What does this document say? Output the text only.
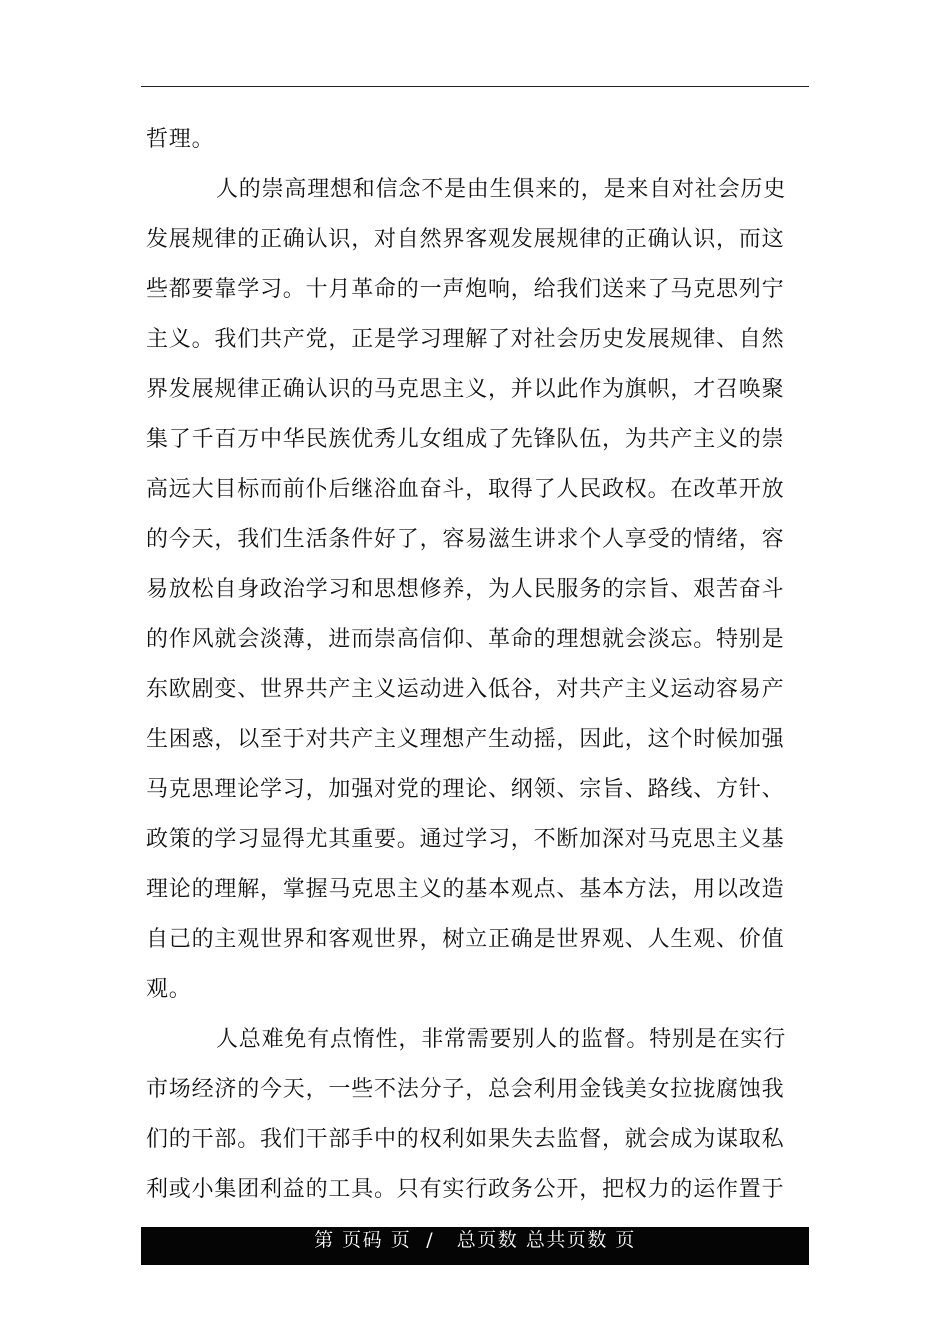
哲理。
人的崇高理想和信念不是由生俱来的，是来自对社会历史
发展规律的正确认识，对自然界客观发展规律的正确认识，而这
些都要靠学习。十月革命的一声炮响，给我们送来了马克思列宁
主义。我们共产党，正是学习理解了对社会历史发展规律、自然
界发展规律正确认识的马克思主义，并以此作为旗帜，才召唤聚
集了千百万中华民族优秀儿女组成了先锋队伍，为共产主义的崇
高远大目标而前仆后继浴血奋斗，取得了人民政权。在改革开放
的今天，我们生活条件好了，容易滋生讲求个人享受的情绪，容
易放松自身政治学习和思想修养，为人民服务的宗旨、艰苦奋斗
的作风就会淡薄，进而崇高信仰、革命的理想就会淡忘。特别是
东欧剧变、世界共产主义运动进入低谷，对共产主义运动容易产
生困惑，以至于对共产主义理想产生动摇，因此，这个时候加强
马克思理论学习，加强对党的理论、纲领、宗旨、路线、方针、
政策的学习显得尤其重要。通过学习，不断加深对马克思主义基
理论的理解，掌握马克思主义的基本观点、基本方法，用以改造
自己的主观世界和客观世界，树立正确是世界观、人生观、价值
观。
人总难免有点惰性，非常需要别人的监督。特别是在实行
市场经济的今天，一些不法分子，总会利用金钱美女拉拢腐蚀我
们的干部。我们干部手中的权利如果失去监督，就会成为谋取私
利或小集团利益的工具。只有实行政务公开，把权力的运作置于
第 页码 页  /   总页数 总共页数 页
